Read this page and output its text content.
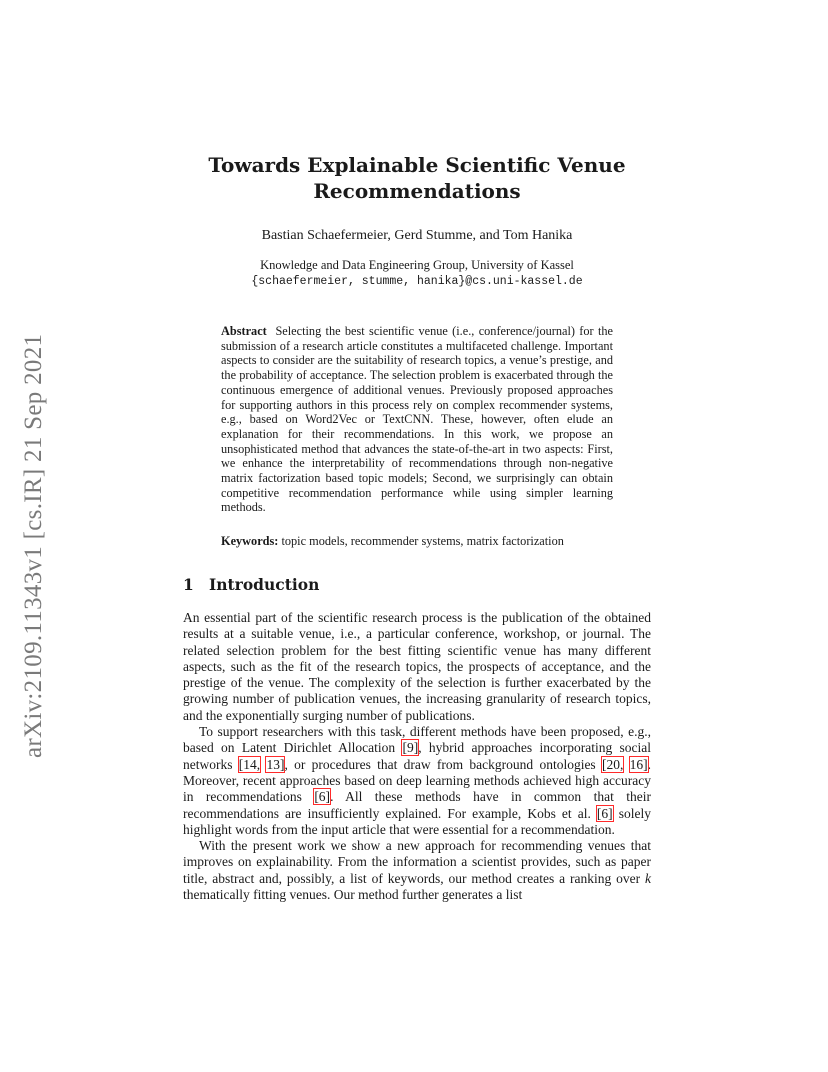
arXiv:2109.11343v1 [cs.IR] 21 Sep 2021
Towards Explainable Scientific Venue
Recommendations
Bastian Schaefermeier, Gerd Stumme, and Tom Hanika
Knowledge and Data Engineering Group, University of Kassel
{schaefermeier, stumme, hanika}@cs.uni-kassel.de

Abstract Selecting the best scientific venue (i.e., conference/journal) for the submission of a research article constitutes a multifaceted challenge. Important aspects to consider are the suitability of research topics, a venue’s prestige, and the probability of acceptance. The selection problem is exacerbated through the continuous emergence of additional venues. Previously proposed approaches for supporting authors in this process rely on complex recommender systems, e.g., based on Word2Vec or TextCNN. These, however, often elude an explanation for their recommendations. In this work, we propose an unsophisticated method that advances the state-of-the-art in two aspects: First, we enhance the interpretability of recommendations through non-negative matrix factorization based topic models; Second, we surprisingly can obtain competitive recommendation performance while using simpler learning methods.

Keywords: topic models, recommender systems, matrix factorization

1 Introduction

An essential part of the scientific research process is the publication of the obtained results at a suitable venue, i.e., a particular conference, workshop, or journal. The related selection problem for the best fitting scientific venue has many different aspects, such as the fit of the research topics, the prospects of acceptance, and the prestige of the venue. The complexity of the selection is further exacerbated by the growing number of publication venues, the increasing granularity of research topics, and the exponentially surging number of publications.

To support researchers with this task, different methods have been proposed, e.g., based on Latent Dirichlet Allocation [9], hybrid approaches incorporating social networks [14, 13], or procedures that draw from background ontologies [20, 16]. Moreover, recent approaches based on deep learning methods achieved high accuracy in recommendations [6]. All these methods have in common that their recommendations are insufficiently explained. For example, Kobs et al. [6] solely highlight words from the input article that were essential for a recommendation.

With the present work we show a new approach for recommending venues that improves on explainability. From the information a scientist provides, such as paper title, abstract and, possibly, a list of keywords, our method creates a ranking over k thematically fitting venues. Our method further generates a list
